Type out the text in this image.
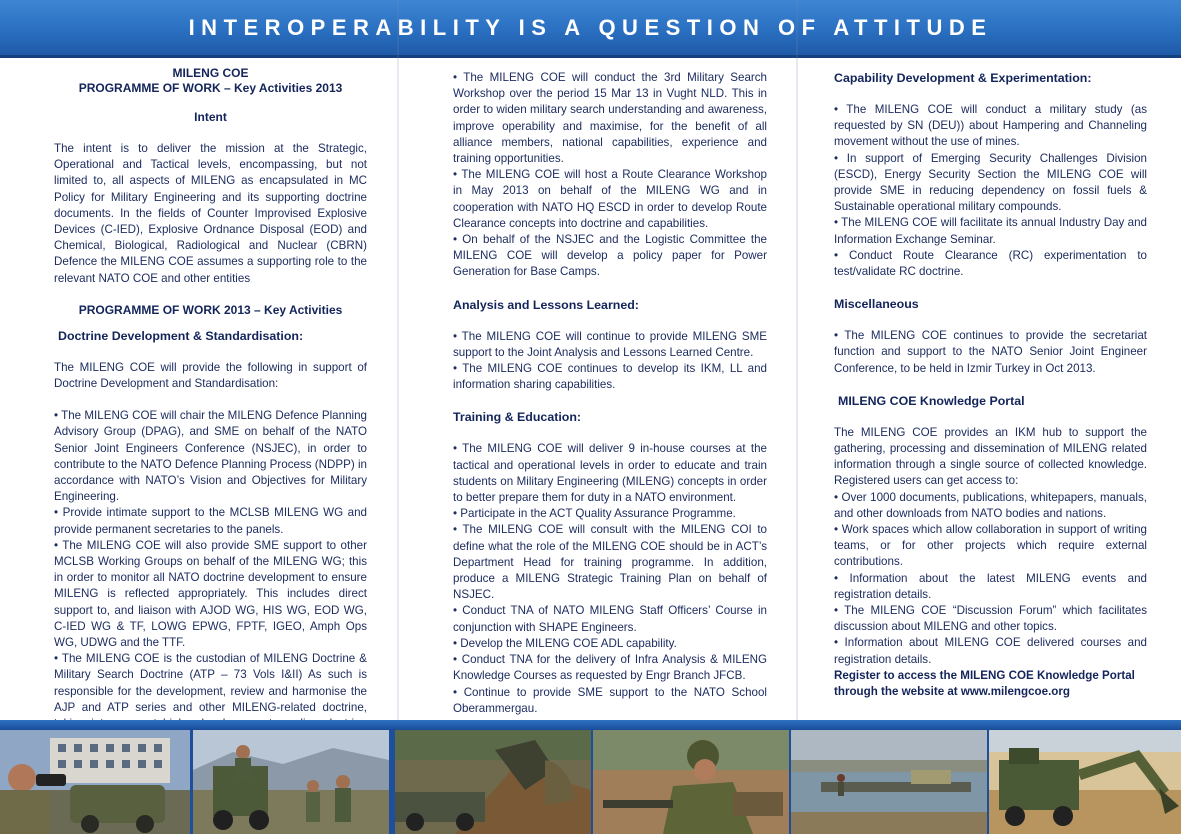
INTEROPERABILITY IS A QUESTION OF ATTITUDE
MILENG COE
PROGRAMME OF WORK – Key Activities 2013
Intent

The intent is to deliver the mission at the Strategic, Operational and Tactical levels, encompassing, but not limited to, all aspects of MILENG as encapsulated in MC Policy for Military Engineering and its supporting doctrine documents. In the fields of Counter Improvised Explosive Devices (C-IED), Explosive Ordnance Disposal (EOD) and Chemical, Biological, Radiological and Nuclear (CBRN) Defence the MILENG COE assumes a supporting role to the relevant NATO COE and other entities

PROGRAMME OF WORK 2013 – Key Activities
Doctrine Development & Standardisation:

The MILENG COE will provide the following in support of Doctrine Development and Standardisation:

• The MILENG COE will chair the MILENG Defence Planning Advisory Group (DPAG), and SME on behalf of the NATO Senior Joint Engineers Conference (NSJEC), in order to contribute to the NATO Defence Planning Process (NDPP) in accordance with NATO’s Vision and Objectives for Military Engineering.

• Provide intimate support to the MCLSB MILENG WG and provide permanent secretaries to the panels.

• The MILENG COE will also provide SME support to other MCLSB Working Groups on behalf of the MILENG WG; this in order to monitor all NATO doctrine development to ensure MILENG is reflected appropriately. This includes direct support to, and liaison with AJOD WG, HIS WG, EOD WG, C-IED WG & TF, LOWG EPWG, FPTF, IGEO, Amph Ops WG, UDWG and the TTF.

• The MILENG COE is the custodian of MILENG Doctrine & Military Search Doctrine (ATP – 73 Vols I&II) As such is responsible for the development, review and harmonise the AJP and ATP series and other MILENG-related doctrine,

• The MILENG COE will conduct the 3rd Military Search Workshop over the period 15 Mar 13 in Vught NLD. This in order to widen military search understanding and awareness, improve operability and maximise, for the benefit of all alliance members, national capabilities, experience and training opportunities.

• The MILENG COE will host a Route Clearance Workshop in May 2013 on behalf of the MILENG WG and in cooperation with NATO HQ ESCD in order to develop Route Clearance concepts into doctrine and capabilities.

• On behalf of the NSJEC and the Logistic Committee the MILENG COE will develop a policy paper for Power Generation for Base Camps.

Analysis and Lessons Learned:

• The MILENG COE will continue to provide MILENG SME support to the Joint Analysis and Lessons Learned Centre.

• The MILENG COE continues to develop its IKM, LL and information sharing capabilities.

Training & Education:

• The MILENG COE will deliver 9 in-house courses at the tactical and operational levels in order to educate and train students on Military Engineering (MILENG) concepts in order to better prepare them for duty in a NATO environment.

• Participate in the ACT Quality Assurance Programme.

• The MILENG COE will consult with the MILENG COI to define what the role of the MILENG COE should be in ACT’s Department Head for training programme. In addition, produce a MILENG Strategic Training Plan on behalf of NSJEC.

• Conduct TNA of NATO MILENG Staff Officers’ Course in conjunction with SHAPE Engineers.

• Develop the MILENG COE ADL capability.

• Conduct TNA for the delivery of Infra Analysis & MILENG Knowledge Courses as requested by Engr Branch JFCB.

• Continue to provide SME support to the NATO School Oberammergau.

Capability Development & Experimentation:

• The MILENG COE will conduct a military study (as requested by SN (DEU)) about Hampering and Channeling movement without the use of mines.

• In support of Emerging Security Challenges Division (ESCD), Energy Security Section the MILENG COE will provide SME in reducing dependency on fossil fuels & Sustainable operational military compounds.

• The MILENG COE will facilitate its annual Industry Day and Information Exchange Seminar.

• Conduct Route Clearance (RC) experimentation to test/validate RC doctrine.

Miscellaneous

• The MILENG COE continues to provide the secretariat function and support to the NATO Senior Joint Engineer Conference, to be held in Izmir Turkey in Oct 2013.

MILENG COE Knowledge Portal

The MILENG COE provides an IKM hub to support the gathering, processing and dissemination of MILENG related information through a single source of collected knowledge. Registered users can get access to:

• Over 1000 documents, publications, whitepapers, manuals, and other downloads from NATO bodies and nations.

• Work spaces which allow collaboration in support of writing teams, or for other projects which require external contributions.

• Information about the latest MILENG events and registration details.

• The MILENG COE “Discussion Forum” which facilitates discussion about MILENG and other topics.

• Information about MILENG COE delivered courses and registration details.

Register to access the MILENG COE Knowledge Portal through the website at www.milengcoe.org
